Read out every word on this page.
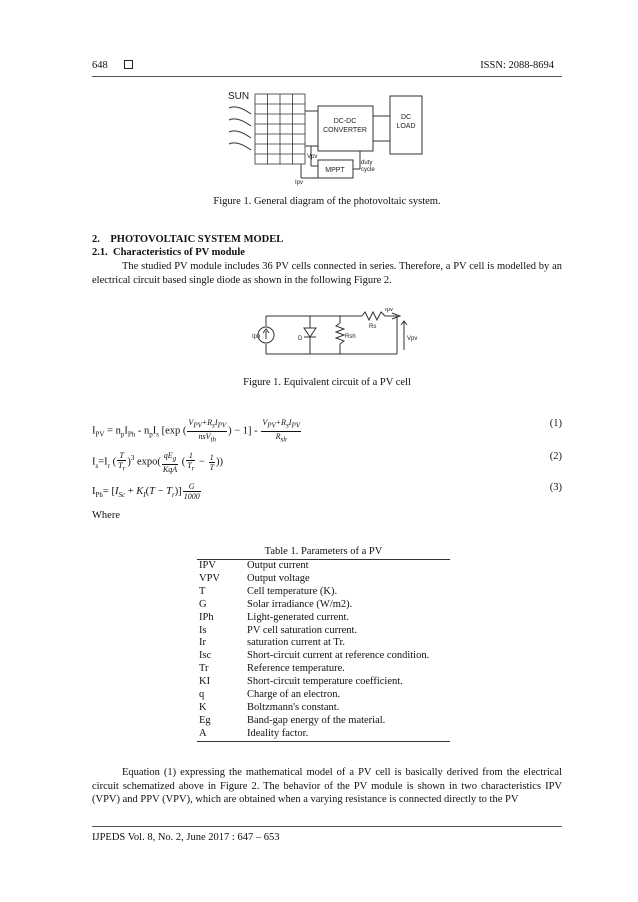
648	ISSN: 2088-8694
SUN
DC-DC
CONVERTER
DC
LOAD
MPPT
Vpv
Ipv
duty
cycle
Figure 1. General diagram of the photovoltaic system.
2.    PHOTOVOLTAIC SYSTEM MODEL
2.1.  Characteristics of PV module
The studied PV module includes 36 PV cells connected in series. Therefore, a PV cell is modelled by an electrical circuit based single diode as shown in the following Figure 2.
Iph	D	Rsh
Rs
Ipv
Vpv
Figure 1. Equivalent circuit of a PV cell
$I_{PV} = n_pI_{Ph} - n_pI_s$ [exp ( $\frac{V_{PV}+R_sI_{PV}}{nsV_{th}}$ ) − $1] - \frac{V_{PV}+R_sI_{PV}}{R_{sh}}$	(1)
$I_s=I_r$ ( $\frac{T}{T_r} )^3$ $\exp o( \frac{qE_g}{\text{KqA}}$ ( $\frac{1}{T_r} - \frac{1}{T}$ ))
(2)
$I_{Ph}= [I_{Sc} + K_I(T - T_r)] \frac{G}{1000}$	(3)
Where
Table 1. Parameters of a PV
IPV	Output current
VPV	Output voltage
T	Cell temperature (K).
G	Solar irradiance (W/m2).
IPh	Light-generated current.
Is	PV cell saturation current.
Ir	saturation current at Tr.
Isc	Short-circuit current at reference condition.
Tr	Reference temperature.
KI	Short-circuit temperature coefficient.
q	Charge of an electron.
K	Boltzmann's constant.
Eg	Band-gap energy of the material.
A	Ideality factor.
Equation (1) expressing the mathematical model of a PV cell is basically derived from the electrical circuit schematized above in Figure 2. The behavior of the PV module is shown in two characteristics IPV (VPV) and PPV (VPV), which are obtained when a varying resistance is connected directly to the PV
IJPEDS Vol. 8, No. 2, June 2017 : 647 – 653
